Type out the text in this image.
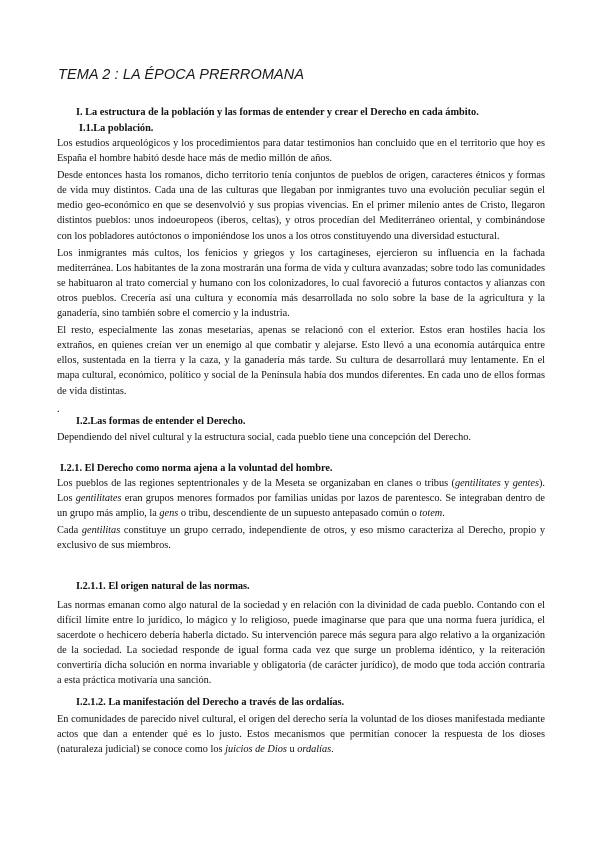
TEMA 2 : LA ÉPOCA PRERROMANA
I. La estructura de la población y las formas de entender y crear el Derecho en cada ámbito.
I.1.La población.

Los estudios arqueológicos y los procedimientos para datar testimonios han concluido que en el territorio que hoy es España el hombre habitó desde hace más de medio millón de años.

Desde entonces hasta los romanos, dicho territorio tenía conjuntos de pueblos de origen, caracteres étnicos y formas de vida muy distintos. Cada una de las culturas que llegaban por inmigrantes tuvo una evolución peculiar según el medio geo-económico en que se desenvolvió y sus propias vivencias. En el primer milenio antes de Cristo, llegaron distintos pueblos: unos indoeuropeos (iberos, celtas), y otros procedían del Mediterráneo oriental, y combinándose con los pobladores autóctonos o imponiéndose los unos a los otros constituyendo una diversidad estuctural.

Los inmigrantes más cultos, los fenicios y griegos y los cartagineses, ejercieron su influencia en la fachada mediterránea. Los habitantes de la zona mostrarán una forma de vida y cultura avanzadas; sobre todo las comunidades se habituaron al trato comercial y humano con los colonizadores, lo cual favoreció a futuros contactos y alianzas con otros pueblos. Crecería así una cultura y economía más desarrollada no solo sobre la base de la agricultura y la ganadería, sino también sobre el comercio y la industria.

El resto, especialmente las zonas mesetarias, apenas se relacionó con el exterior. Estos eran hostiles hacia los extraños, en quienes creían ver un enemigo al que combatir y alejarse. Esto llevó a una economía autárquica entre ellos, sustentada en la tierra y la caza, y la ganadería más tarde. Su cultura de desarrollará muy lentamente. En el mapa cultural, económico, político y social de la Península había dos mundos diferentes. En cada uno de ellos formas de vida distintas.

.
I.2.Las formas de entender el Derecho.

Dependiendo del nivel cultural y la estructura social, cada pueblo tiene una concepción del Derecho.

I.2.1. El Derecho como norma ajena a la voluntad del hombre.

Los pueblos de las regiones septentrionales y de la Meseta se organizaban en clanes o tribus (gentilitates y gentes). Los gentilitates eran grupos menores formados por familias unidas por lazos de parentesco. Se integraban dentro de un grupo más amplio, la gens o tribu, descendiente de un supuesto antepasado común o totem.

Cada gentilitas constituye un grupo cerrado, independiente de otros, y eso mismo caracteriza al Derecho, propio y exclusivo de sus miembros.

I.2.1.1. El origen natural de las normas.

Las normas emanan como algo natural de la sociedad y en relación con la divinidad de cada pueblo. Contando con el difícil límite entre lo jurídico, lo mágico y lo religioso, puede imaginarse que para que una norma fuera jurídica, el sacerdote o hechicero debería haberla dictado. Su intervención parece más segura para algo relativo a la organización de la sociedad. La sociedad responde de igual forma cada vez que surge un problema idéntico, y la reiteración convertiría dicha solución en norma invariable y obligatoria (de carácter jurídico), de modo que toda acción contraria a esta práctica motivaría una sanción.

I.2.1.2. La manifestación del Derecho a través de las ordalías.

En comunidades de parecido nivel cultural, el origen del derecho sería la voluntad de los dioses manifestada mediante actos que dan a entender qué es lo justo. Estos mecanismos que permitían conocer la respuesta de los dioses (naturaleza judicial) se conoce como los juicios de Dios u ordalías.
